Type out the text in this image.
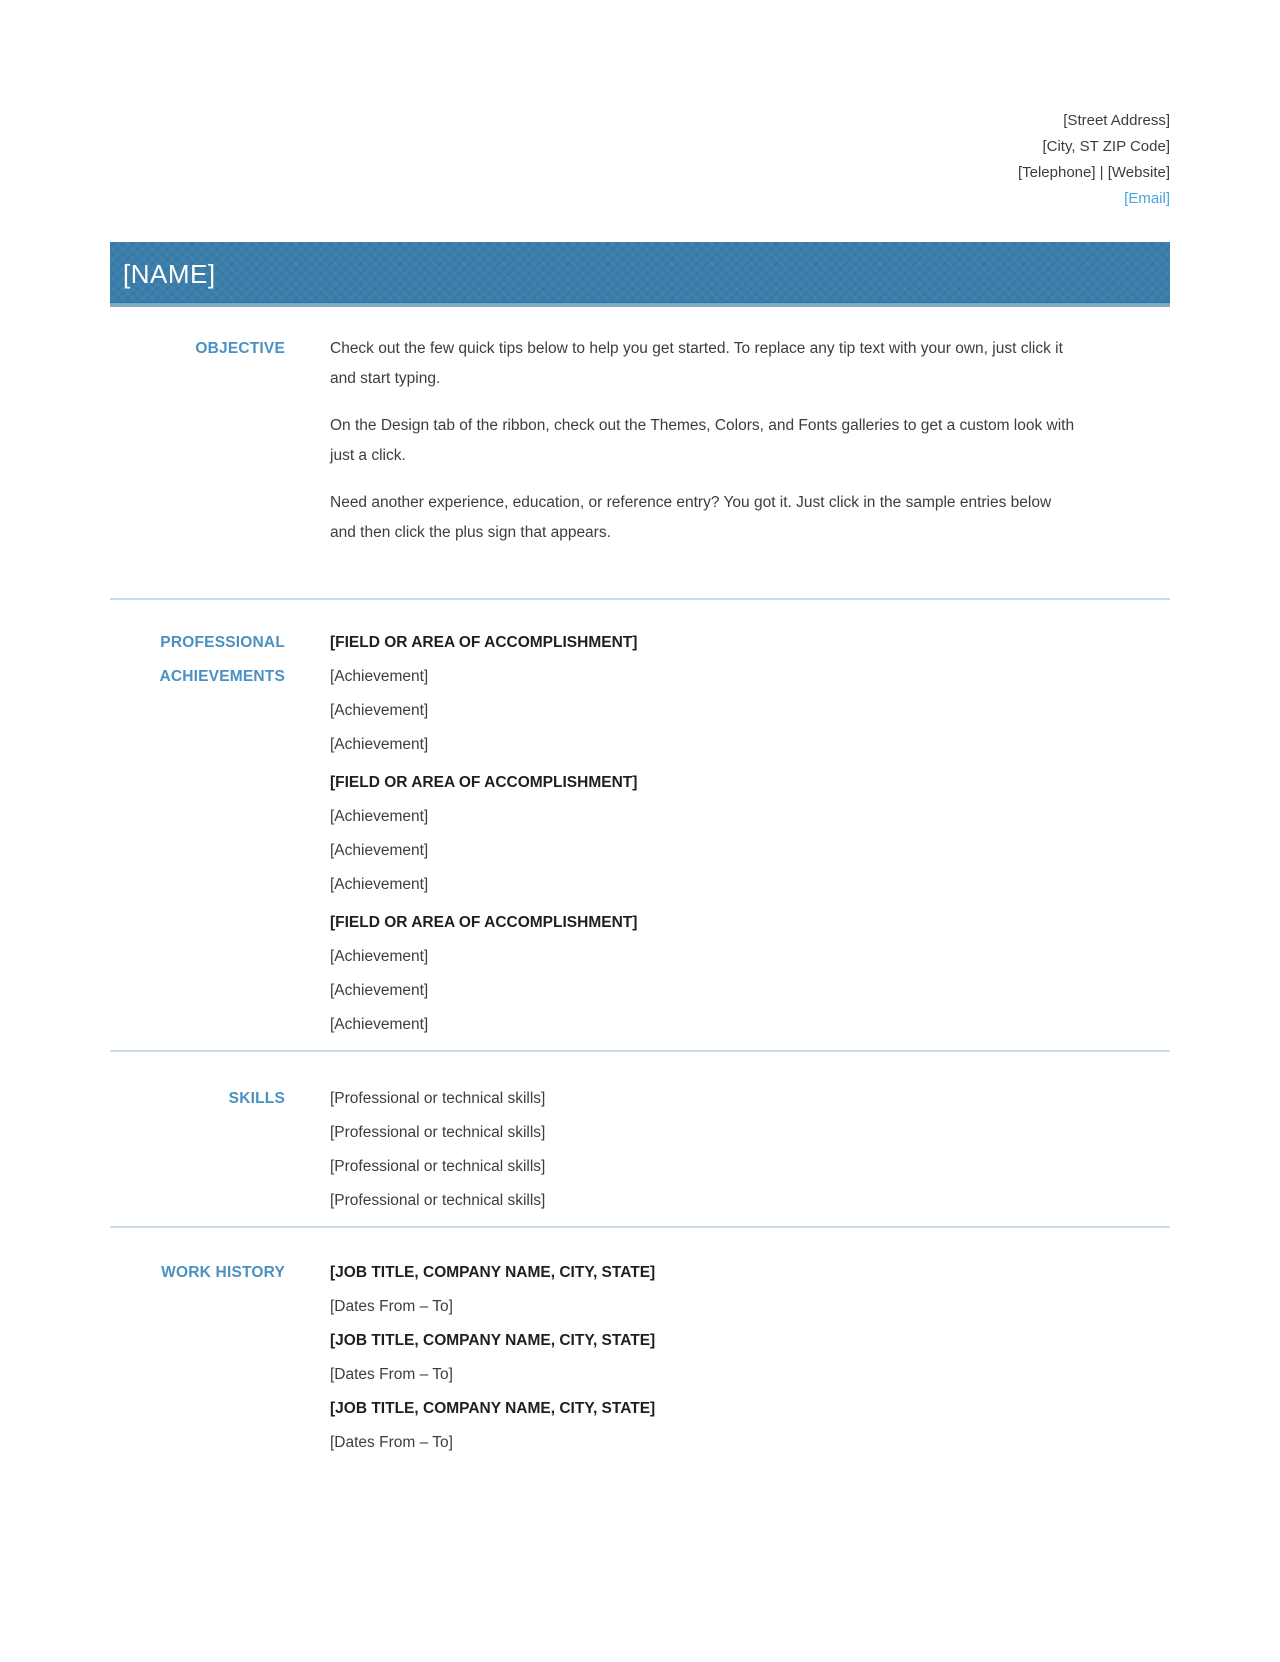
[Street Address]
[City, ST ZIP Code]
[Telephone] | [Website]
[Email]
[NAME]
OBJECTIVE	Check out the few quick tips below to help you get started. To replace any tip text with your own, just click it and start typing.

On the Design tab of the ribbon, check out the Themes, Colors, and Fonts galleries to get a custom look with just a click.

Need another experience, education, or reference entry? You got it. Just click in the sample entries below and then click the plus sign that appears.

PROFESSIONAL
ACHIEVEMENTS
[FIELD OR AREA OF ACCOMPLISHMENT]
[Achievement]
[Achievement]
[Achievement]
[FIELD OR AREA OF ACCOMPLISHMENT]
[Achievement]
[Achievement]
[Achievement]
[FIELD OR AREA OF ACCOMPLISHMENT]
[Achievement]
[Achievement]
[Achievement]
SKILLS	[Professional or technical skills]
[Professional or technical skills]
[Professional or technical skills]
[Professional or technical skills]
WORK HISTORY	[JOB TITLE, COMPANY NAME, CITY, STATE]
[Dates From – To]
[JOB TITLE, COMPANY NAME, CITY, STATE]
[Dates From – To]
[JOB TITLE, COMPANY NAME, CITY, STATE]
[Dates From – To]
